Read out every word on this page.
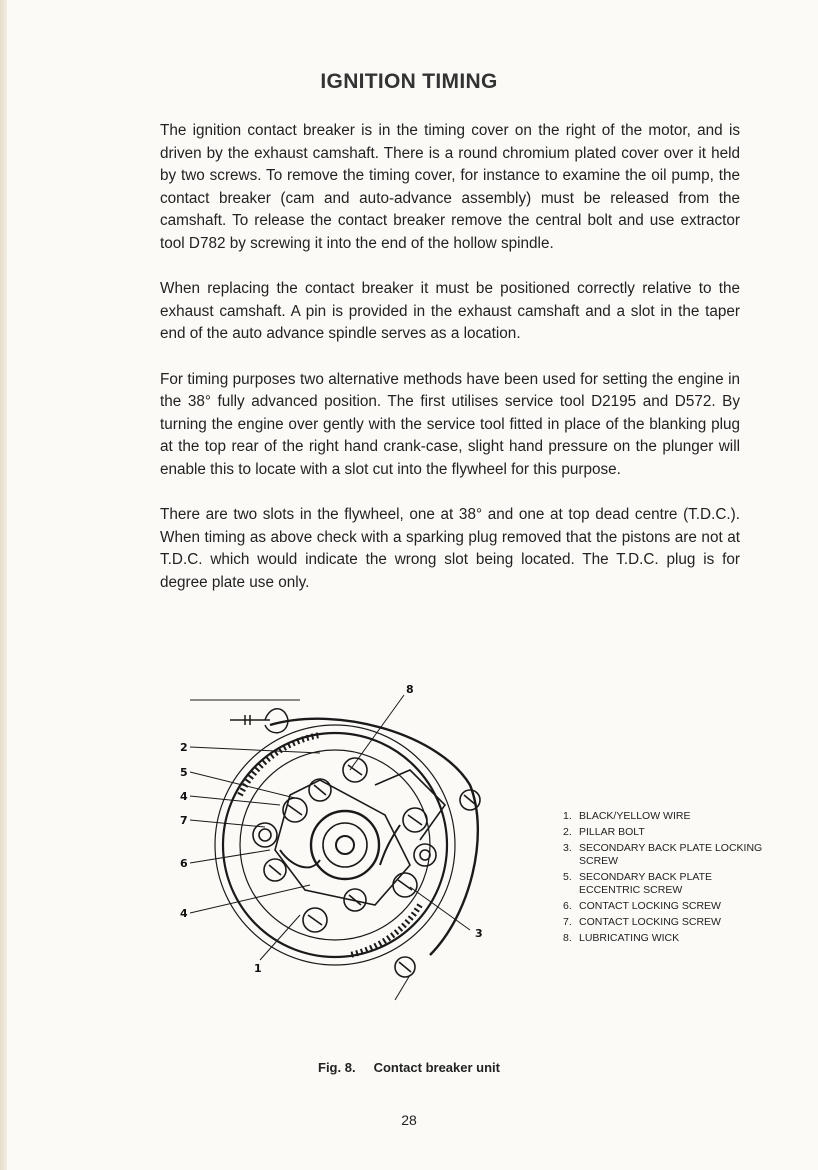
IGNITION TIMING

The ignition contact breaker is in the timing cover on the right of the motor, and is driven by the exhaust camshaft. There is a round chromium plated cover over it held by two screws. To remove the timing cover, for instance to examine the oil pump, the contact breaker (cam and auto-advance assembly) must be released from the camshaft. To release the contact breaker remove the central bolt and use extractor tool D782 by screwing it into the end of the hollow spindle.

When replacing the contact breaker it must be positioned correctly relative to the exhaust camshaft. A pin is provided in the exhaust camshaft and a slot in the taper end of the auto advance spindle serves as a location.

For timing purposes two alternative methods have been used for setting the engine in the 38° fully advanced position. The first utilises service tool D2195 and D572. By turning the engine over gently with the service tool fitted in place of the blanking plug at the top rear of the right hand crank-case, slight hand pressure on the plunger will enable this to locate with a slot cut into the flywheel for this purpose.

There are two slots in the flywheel, one at 38° and one at top dead centre (T.D.C.). When timing as above check with a sparking plug removed that the pistons are not at T.D.C. which would indicate the wrong slot being located. The T.D.C. plug is for degree plate use only.

8
2
5
4
7
6
4
1
3
1. BLACK/YELLOW WIRE
2. PILLAR BOLT
3. SECONDARY BACK PLATE LOCKING SCREW
5. SECONDARY BACK PLATE ECCENTRIC SCREW
6. CONTACT LOCKING SCREW
7. CONTACT LOCKING SCREW
8. LUBRICATING WICK
Fig. 8. Contact breaker unit
28
